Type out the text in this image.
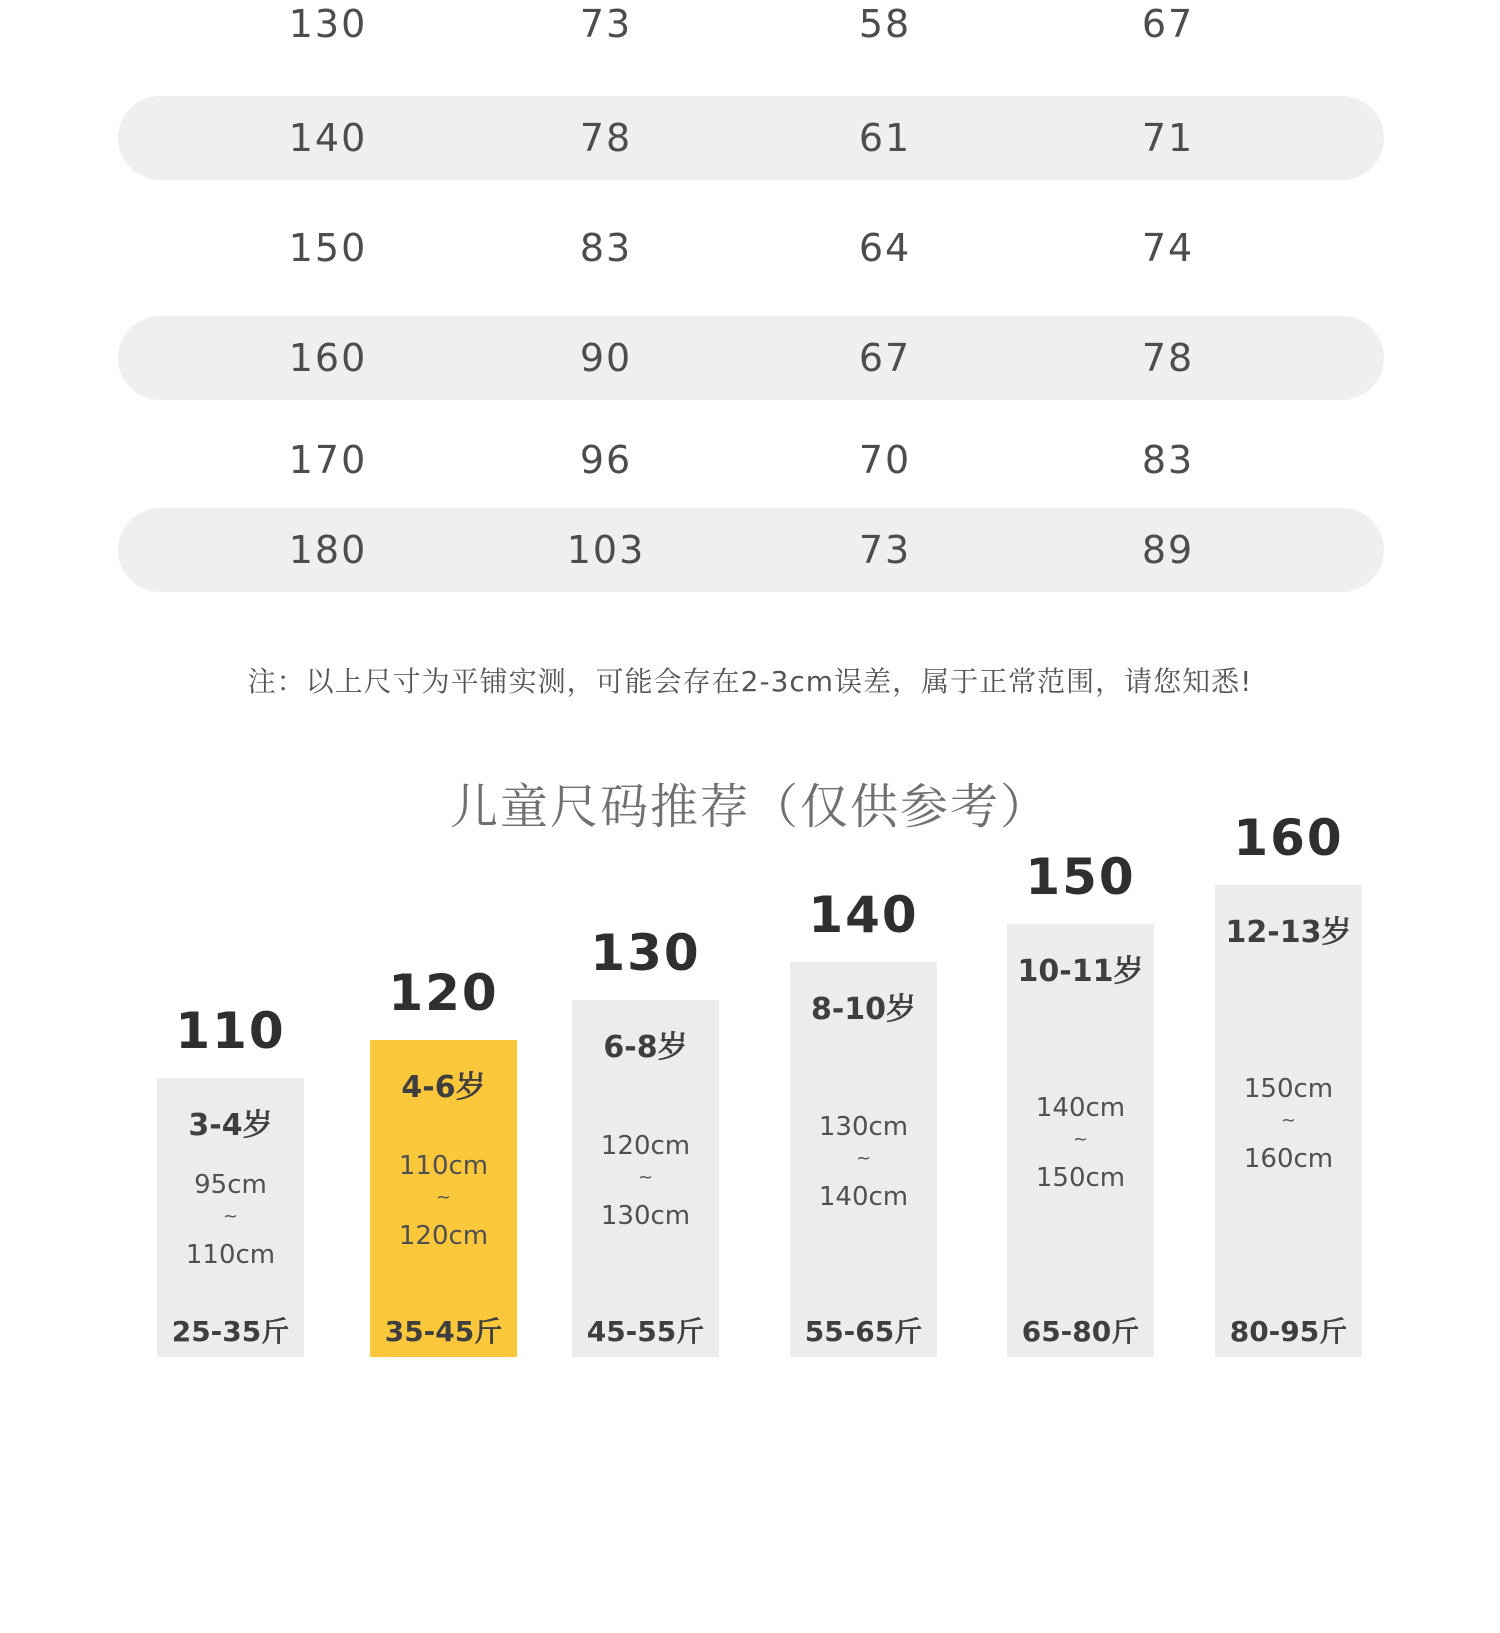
130	73	58	67
140	78	61	71
150	83	64	74
160	90	67	78
170	96	70	83
180	103	73	89
注：以上尺寸为平铺实测，可能会存在2-3cm误差，属于正常范围，请您知悉!
儿童尺码推荐（仅供参考）
110
3-4岁
95cm
~
110cm
25-35斤
120
4-6岁
110cm
~
120cm
35-45斤
130
6-8岁
120cm
~
130cm
45-55斤
140
8-10岁
130cm
~
140cm
55-65斤
150
10-11岁
140cm
~
150cm
65-80斤
160
12-13岁
150cm
~
160cm
80-95斤
